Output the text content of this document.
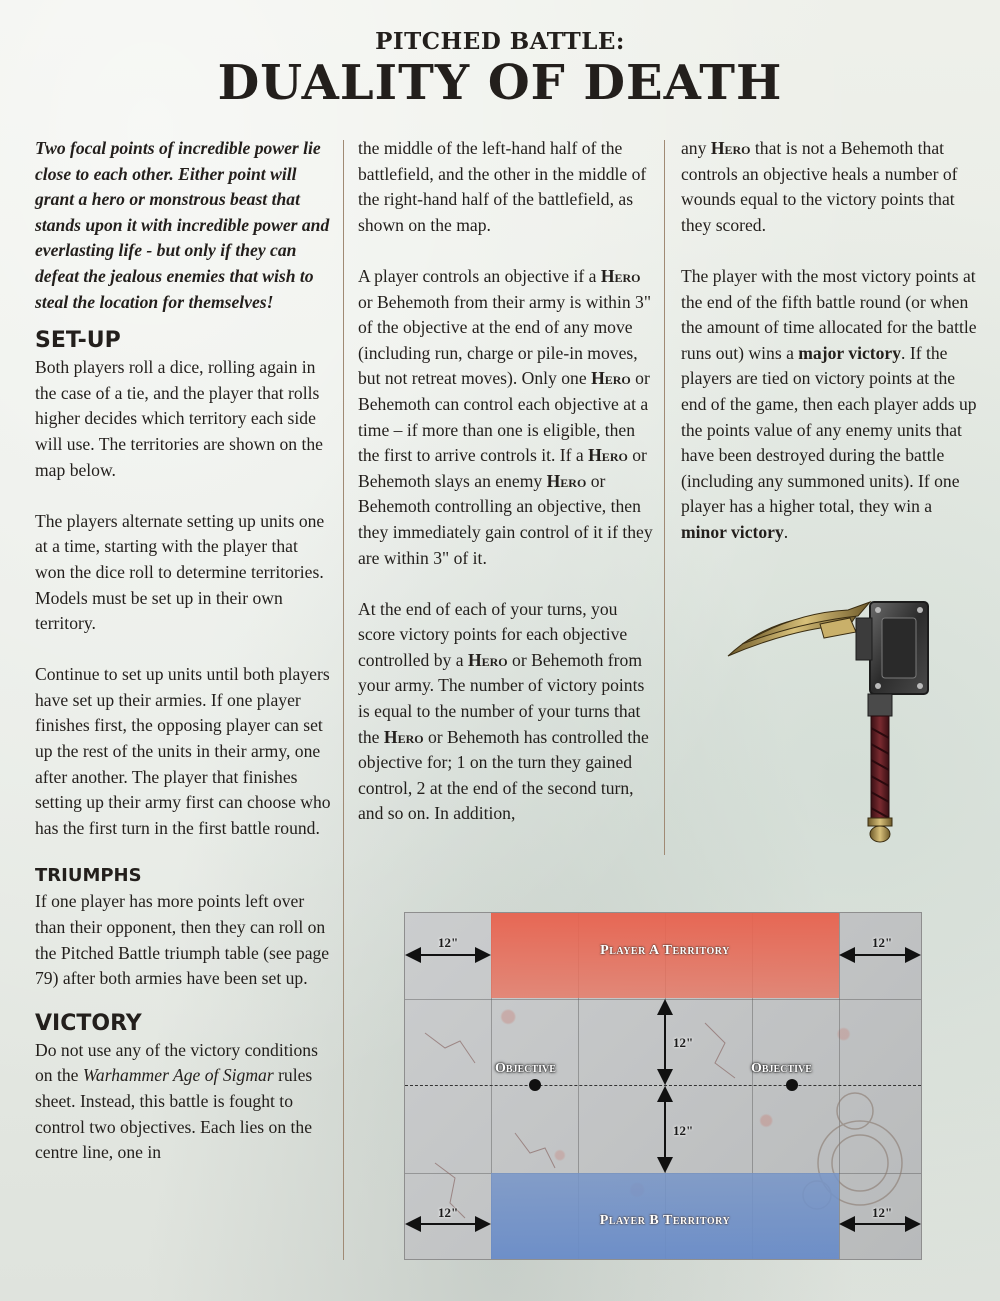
PITCHED BATTLE:
DUALITY OF DEATH

Two focal points of incredible power lie close to each other. Either point will grant a hero or monstrous beast that stands upon it with incredible power and everlasting life - but only if they can defeat the jealous enemies that wish to steal the location for themselves!

SET-UP

Both players roll a dice, rolling again in the case of a tie, and the player that rolls higher decides which territory each side will use. The territories are shown on the map below.

The players alternate setting up units one at a time, starting with the player that won the dice roll to determine territories. Models must be set up in their own territory.

Continue to set up units until both players have set up their armies. If one player finishes first, the opposing player can set up the rest of the units in their army, one after another. The player that finishes setting up their army first can choose who has the first turn in the first battle round.

TRIUMPHS

If one player has more points left over than their opponent, then they can roll on the Pitched Battle triumph table (see page 79) after both armies have been set up.

VICTORY

Do not use any of the victory conditions on the Warhammer Age of Sigmar rules sheet. Instead, this battle is fought to control two objectives. Each lies on the centre line, one in

the middle of the left-hand half of the battlefield, and the other in the middle of the right-hand half of the battlefield, as shown on the map.

A player controls an objective if a Hero or Behemoth from their army is within 3" of the objective at the end of any move (including run, charge or pile-in moves, but not retreat moves). Only one Hero or Behemoth can control each objective at a time – if more than one is eligible, then the first to arrive controls it. If a Hero or Behemoth slays an enemy Hero or Behemoth controlling an objective, then they immediately gain control of it if they are within 3" of it.

At the end of each of your turns, you score victory points for each objective controlled by a Hero or Behemoth from your army. The number of victory points is equal to the number of your turns that the Hero or Behemoth has controlled the objective for; 1 on the turn they gained control, 2 at the end of the second turn, and so on. In addition,

any Hero that is not a Behemoth that controls an objective heals a number of wounds equal to the victory points that they scored.

The player with the most victory points at the end of the fifth battle round (or when the amount of time allocated for the battle runs out) wins a major victory. If the players are tied on victory points at the end of the game, then each player adds up the points value of any enemy units that have been destroyed during the battle (including any summoned units). If one player has a higher total, they win a minor victory.

Player A Territory
Player B Territory
12"	12"
12"	12"
12"
12"
Objective	Objective
